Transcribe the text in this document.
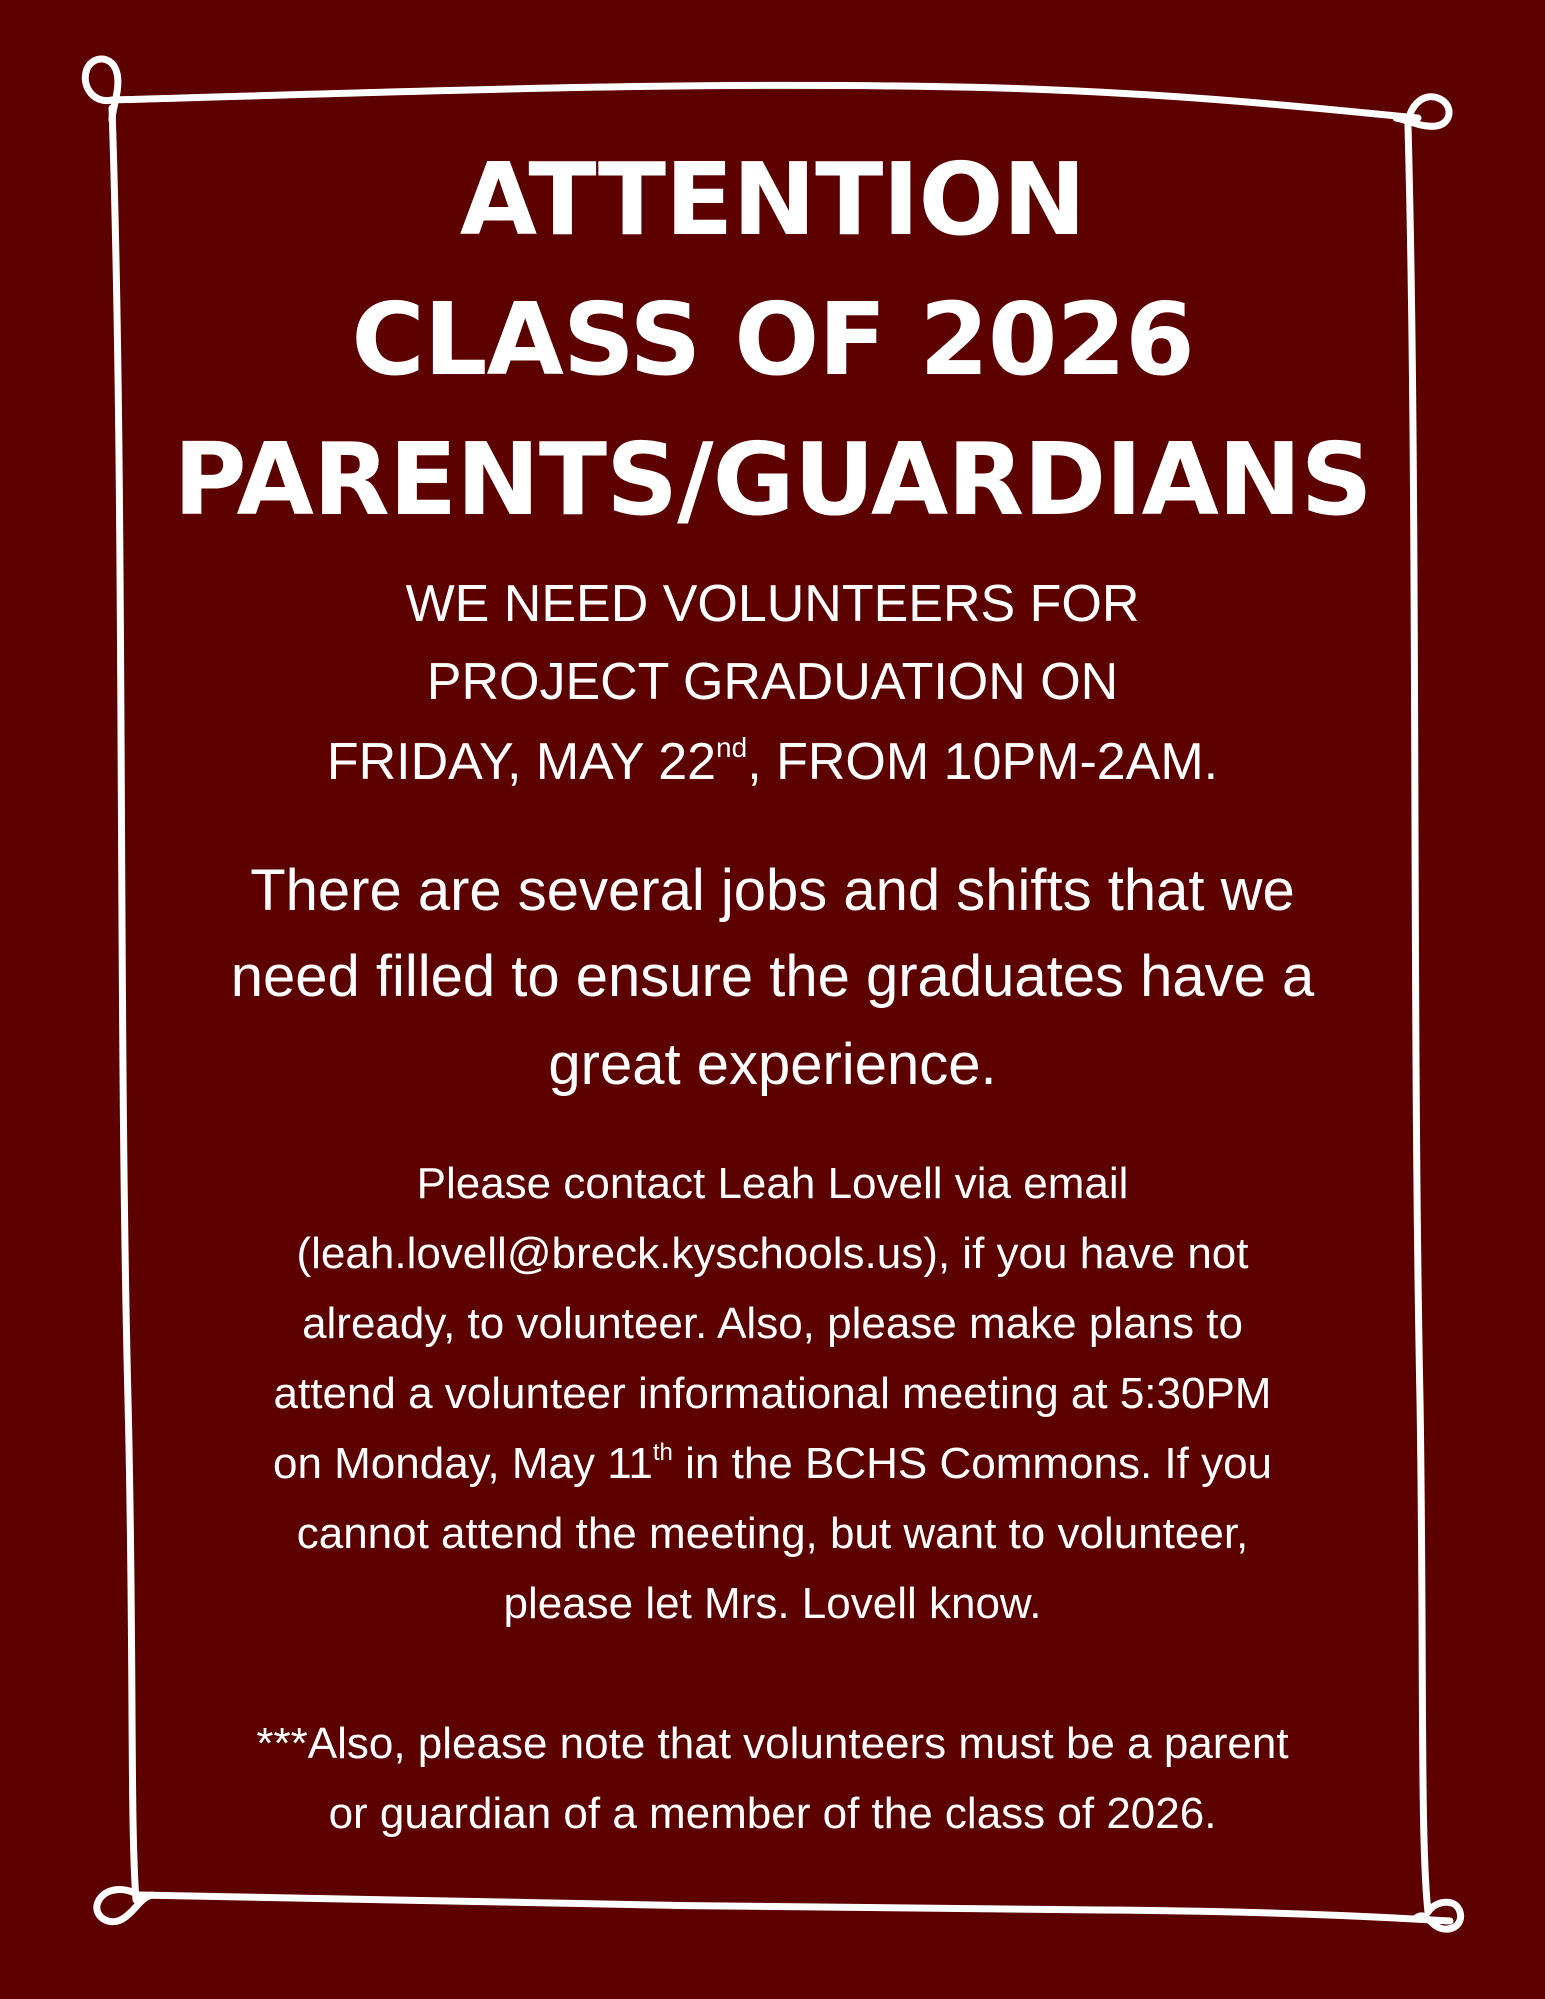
ATTENTION
CLASS OF 2026
PARENTS/GUARDIANS
WE NEED VOLUNTEERS FOR
PROJECT GRADUATION ON
FRIDAY, MAY 22nd, FROM 10PM-2AM.
There are several jobs and shifts that we
need filled to ensure the graduates have a
great experience.
Please contact Leah Lovell via email
(leah.lovell@breck.kyschools.us), if you have not
already, to volunteer. Also, please make plans to
attend a volunteer informational meeting at 5:30PM
on Monday, May 11th in the BCHS Commons. If you
cannot attend the meeting, but want to volunteer,
please let Mrs. Lovell know.
***Also, please note that volunteers must be a parent
or guardian of a member of the class of 2026.
